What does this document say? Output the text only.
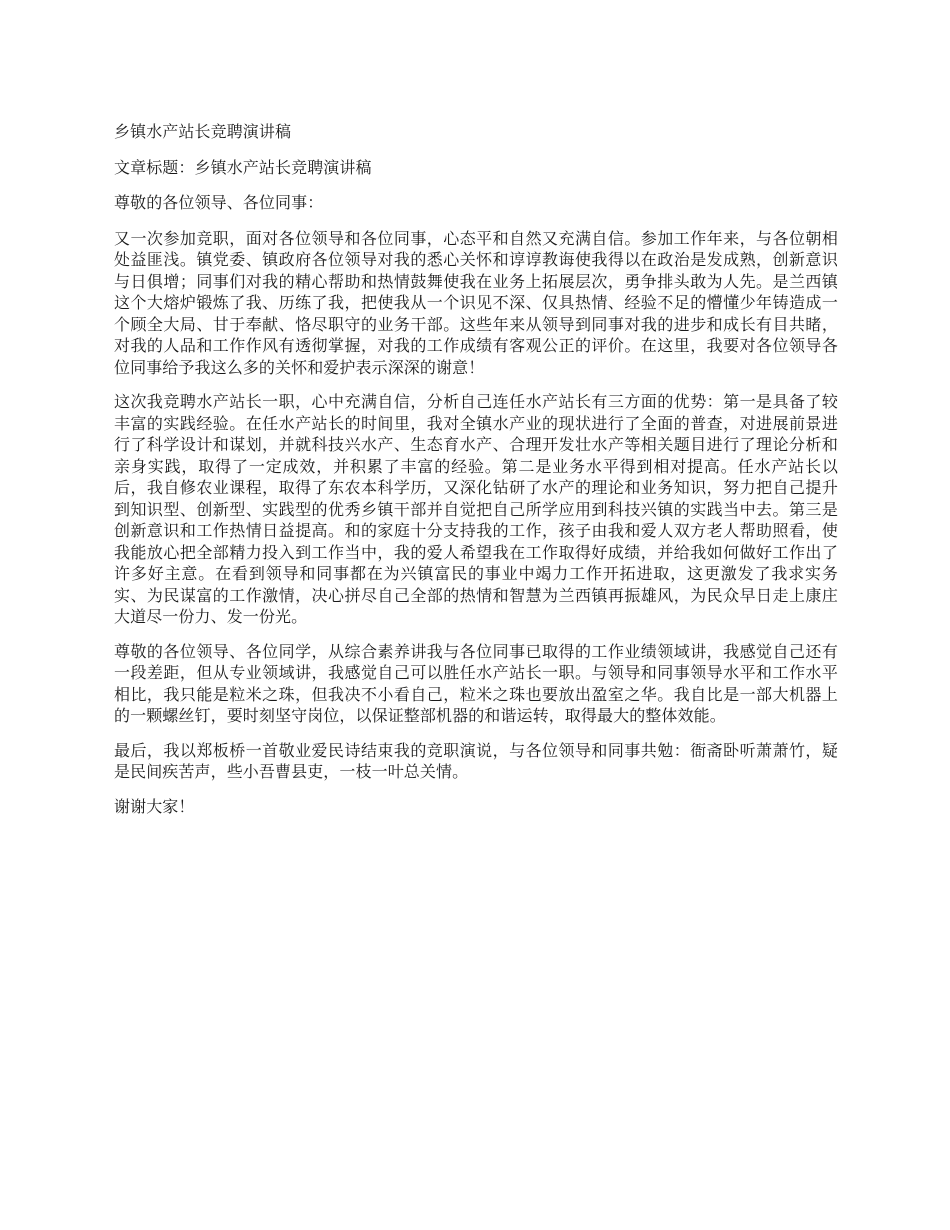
乡镇水产站长竞聘演讲稿

文章标题：乡镇水产站长竞聘演讲稿

尊敬的各位领导、各位同事：

又一次参加竞职，面对各位领导和各位同事，心态平和自然又充满自信。参加工作年来，与各位朝相处益匪浅。镇党委、镇政府各位领导对我的悉心关怀和谆谆教诲使我得以在政治是发成熟，创新意识与日俱增；同事们对我的精心帮助和热情鼓舞使我在业务上拓展层次，勇争排头敢为人先。是兰西镇这个大熔炉锻炼了我、历练了我，把使我从一个识见不深、仅具热情、经验不足的懵懂少年铸造成一个顾全大局、甘于奉献、恪尽职守的业务干部。这些年来从领导到同事对我的进步和成长有目共睹，对我的人品和工作作风有透彻掌握，对我的工作成绩有客观公正的评价。在这里，我要对各位领导各位同事给予我这么多的关怀和爱护表示深深的谢意！

这次我竞聘水产站长一职，心中充满自信，分析自己连任水产站长有三方面的优势：第一是具备了较丰富的实践经验。在任水产站长的时间里，我对全镇水产业的现状进行了全面的普查，对进展前景进行了科学设计和谋划，并就科技兴水产、生态育水产、合理开发壮水产等相关题目进行了理论分析和亲身实践，取得了一定成效，并积累了丰富的经验。第二是业务水平得到相对提高。任水产站长以后，我自修农业课程，取得了东农本科学历，又深化钻研了水产的理论和业务知识，努力把自己提升到知识型、创新型、实践型的优秀乡镇干部并自觉把自己所学应用到科技兴镇的实践当中去。第三是创新意识和工作热情日益提高。和的家庭十分支持我的工作，孩子由我和爱人双方老人帮助照看，使我能放心把全部精力投入到工作当中，我的爱人希望我在工作取得好成绩，并给我如何做好工作出了许多好主意。在看到领导和同事都在为兴镇富民的事业中竭力工作开拓进取，这更激发了我求实务实、为民谋富的工作激情，决心拼尽自己全部的热情和智慧为兰西镇再振雄风，为民众早日走上康庄大道尽一份力、发一份光。

尊敬的各位领导、各位同学，从综合素养讲我与各位同事已取得的工作业绩领域讲，我感觉自己还有一段差距，但从专业领域讲，我感觉自己可以胜任水产站长一职。与领导和同事领导水平和工作水平相比，我只能是粒米之珠，但我决不小看自己，粒米之珠也要放出盈室之华。我自比是一部大机器上的一颗螺丝钉，要时刻坚守岗位，以保证整部机器的和谐运转，取得最大的整体效能。

最后，我以郑板桥一首敬业爱民诗结束我的竞职演说，与各位领导和同事共勉：衙斋卧听萧萧竹，疑是民间疾苦声，些小吾曹县吏，一枝一叶总关情。

谢谢大家！
